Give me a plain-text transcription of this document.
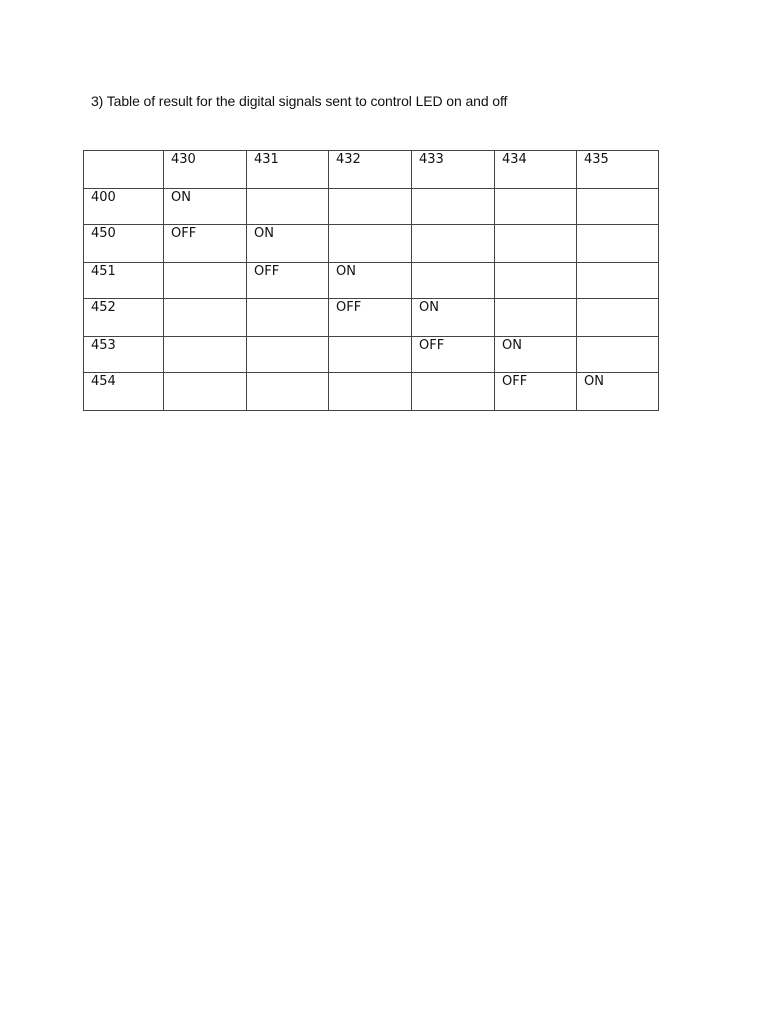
3) Table of result for the digital signals sent to control LED on and off
	430	431	432	433	434	435
400	ON					
450	OFF	ON				
451		OFF	ON			
452			OFF	ON		
453				OFF	ON	
454					OFF	ON
